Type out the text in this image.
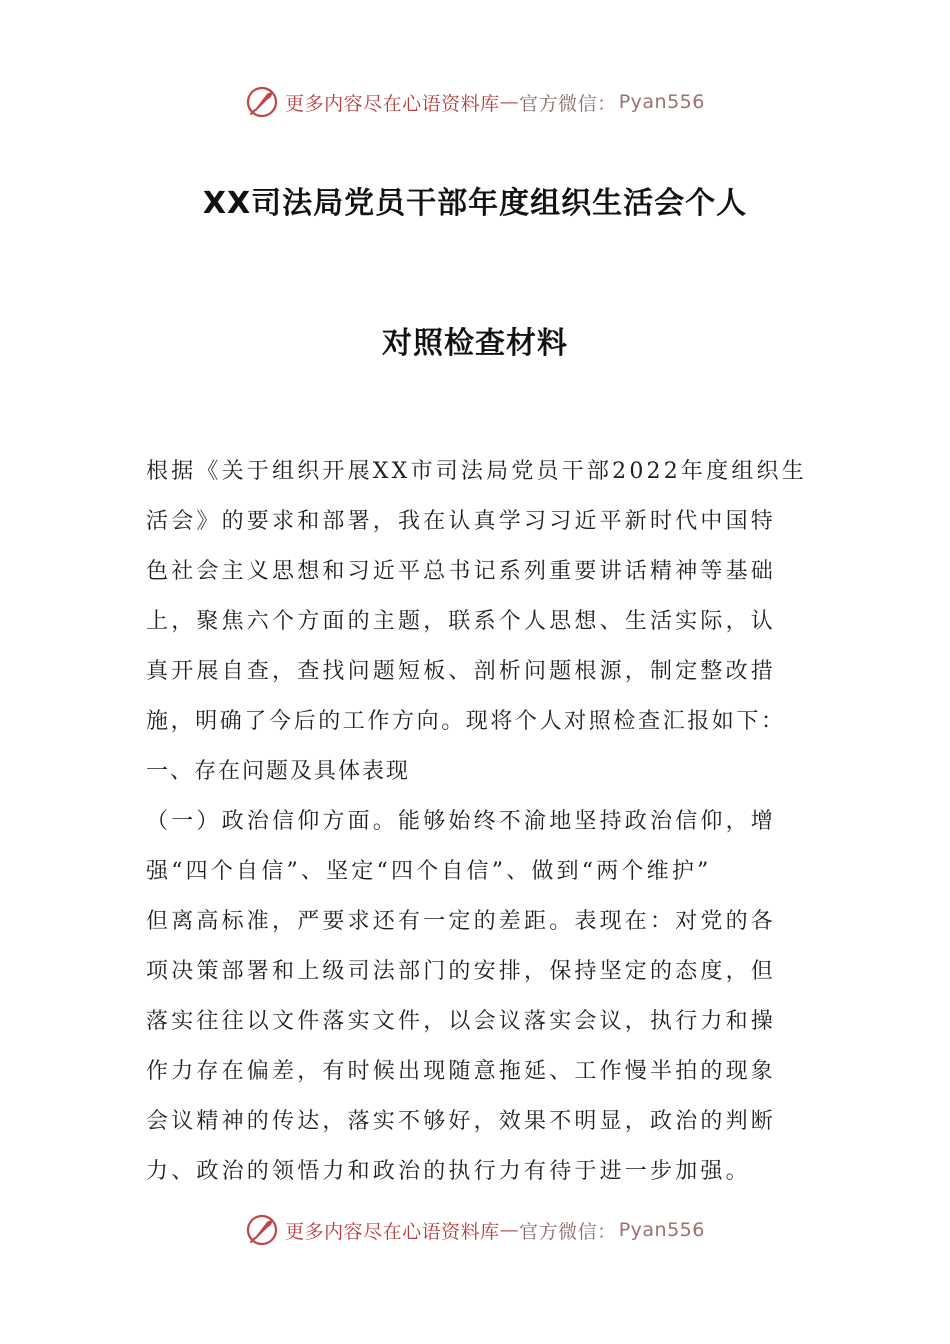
更多内容尽在心语资料库 — 官方微信： Pyan556
XX司法局党员干部年度组织生活会个人
对照检查材料
根据《关于组织开展XX市司法局党员干部2022年度组织生
活会》的要求和部署，我在认真学习习近平新时代中国特
色社会主义思想和习近平总书记系列重要讲话精神等基础
上，聚焦六个方面的主题，联系个人思想、生活实际，认
真开展自查，查找问题短板、剖析问题根源，制定整改措
施，明确了今后的工作方向。现将个人对照检查汇报如下：
一、存在问题及具体表现
（一）政治信仰方面。能够始终不渝地坚持政治信仰，增
强“四个自信”、坚定“四个自信”、做到“两个维护”
但离高标准，严要求还有一定的差距。表现在：对党的各
项决策部署和上级司法部门的安排，保持坚定的态度，但
落实往往以文件落实文件，以会议落实会议，执行力和操
作力存在偏差，有时候出现随意拖延、工作慢半拍的现象
会议精神的传达，落实不够好，效果不明显，政治的判断
力、政治的领悟力和政治的执行力有待于进一步加强。
更多内容尽在心语资料库 — 官方微信： Pyan556
